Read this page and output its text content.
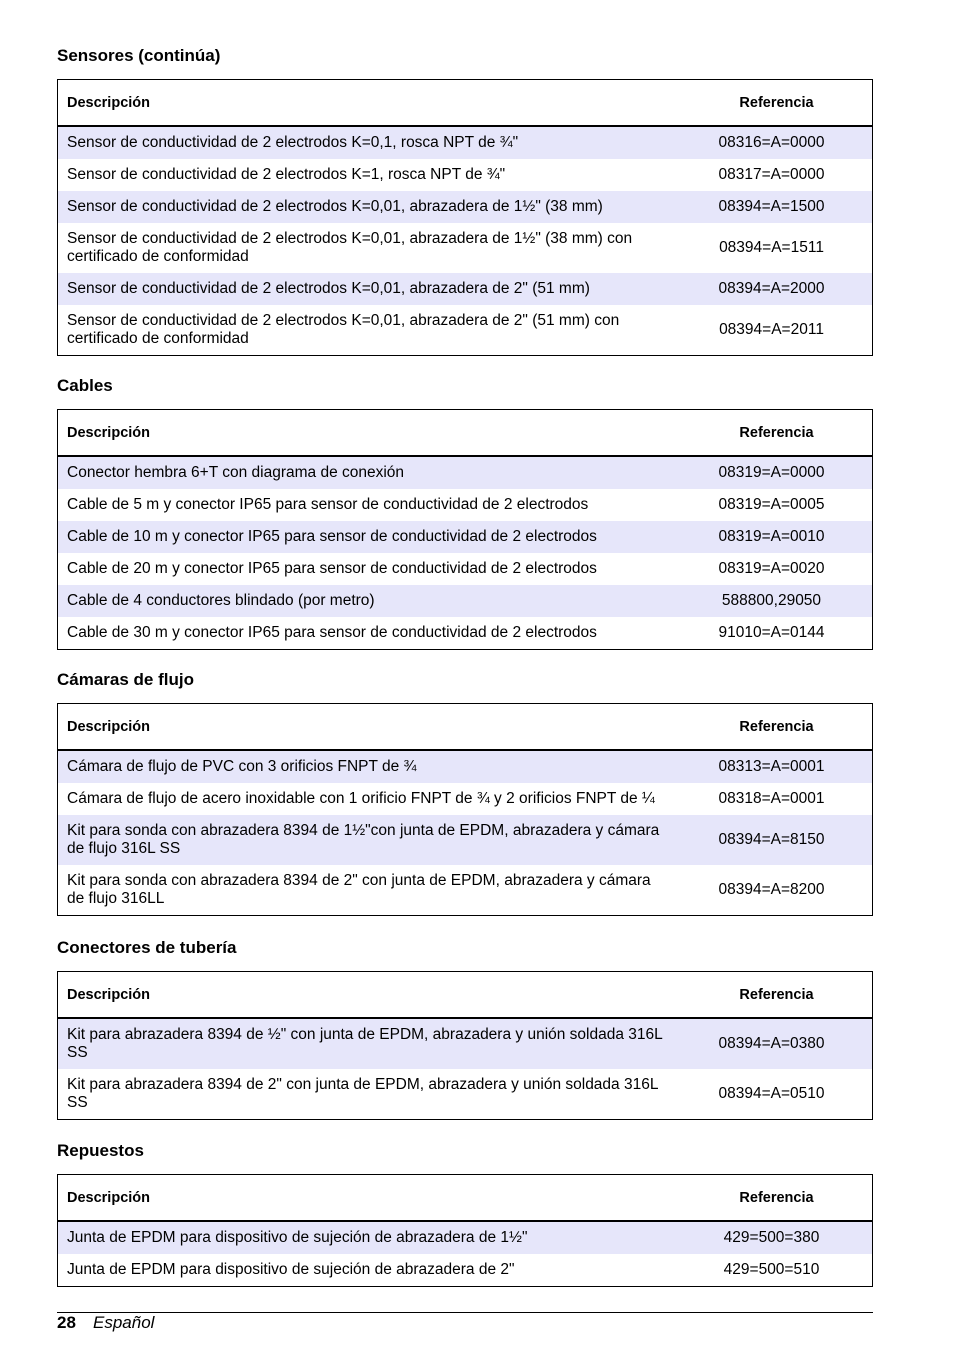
Sensores (continúa)
Descripción	Referencia
Sensor de conductividad de 2 electrodos K=0,1, rosca NPT de ¾"	08316=A=0000
Sensor de conductividad de 2 electrodos K=1, rosca NPT de ¾"	08317=A=0000
Sensor de conductividad de 2 electrodos K=0,01, abrazadera de 1½" (38 mm)	08394=A=1500
Sensor de conductividad de 2 electrodos K=0,01, abrazadera de 1½" (38 mm) con certificado de conformidad	08394=A=1511
Sensor de conductividad de 2 electrodos K=0,01, abrazadera de 2" (51 mm)	08394=A=2000
Sensor de conductividad de 2 electrodos K=0,01, abrazadera de 2" (51 mm) con certificado de conformidad	08394=A=2011
Cables
Descripción	Referencia
Conector hembra 6+T con diagrama de conexión	08319=A=0000
Cable de 5 m y conector IP65 para sensor de conductividad de 2 electrodos	08319=A=0005
Cable de 10 m y conector IP65 para sensor de conductividad de 2 electrodos	08319=A=0010
Cable de 20 m y conector IP65 para sensor de conductividad de 2 electrodos	08319=A=0020
Cable de 4 conductores blindado (por metro)	588800,29050
Cable de 30 m y conector IP65 para sensor de conductividad de 2 electrodos	91010=A=0144
Cámaras de flujo
Descripción	Referencia
Cámara de flujo de PVC con 3 orificios FNPT de ¾	08313=A=0001
Cámara de flujo de acero inoxidable con 1 orificio FNPT de ¾ y 2 orificios FNPT de ¼	08318=A=0001
Kit para sonda con abrazadera 8394 de 1½"con junta de EPDM, abrazadera y cámara de flujo 316L SS	08394=A=8150
Kit para sonda con abrazadera 8394 de 2" con junta de EPDM, abrazadera y cámara de flujo 316LL	08394=A=8200
Conectores de tubería
Descripción	Referencia
Kit para abrazadera 8394 de ½" con junta de EPDM, abrazadera y unión soldada 316L SS	08394=A=0380
Kit para abrazadera 8394 de 2" con junta de EPDM, abrazadera y unión soldada 316L SS	08394=A=0510
Repuestos
Descripción	Referencia
Junta de EPDM para dispositivo de sujeción de abrazadera de 1½"	429=500=380
Junta de EPDM para dispositivo de sujeción de abrazadera de 2"	429=500=510
28 Español
